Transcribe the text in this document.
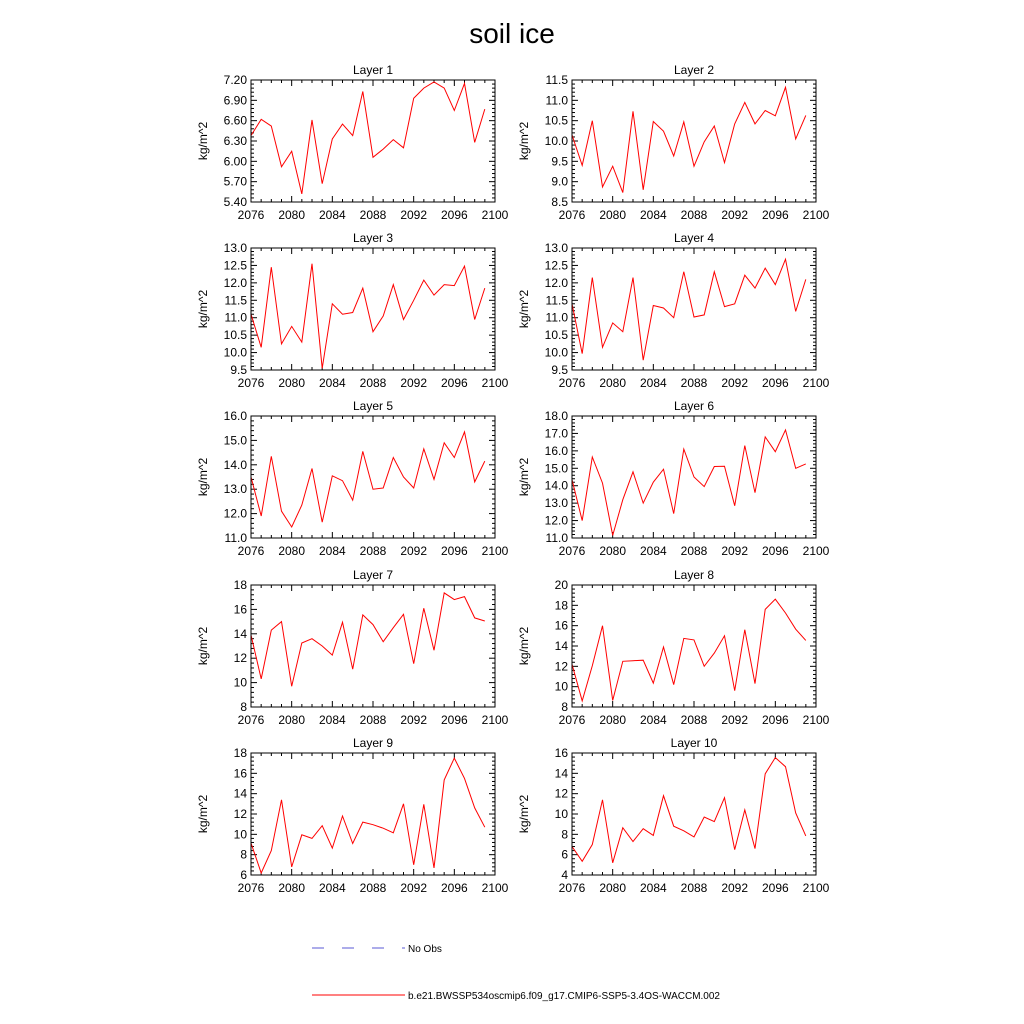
soil ice
Layer 1
kg/m^2
2076 2080 2084 2088 2092 2096 2100
5.40
5.70
6.00
6.30
6.60
6.90
7.20
Layer 2
kg/m^2
2076 2080 2084 2088 2092 2096 2100
8.5
9.0
9.5
10.0
10.5
11.0
11.5
Layer 3
kg/m^2
2076 2080 2084 2088 2092 2096 2100
9.5
10.0
10.5
11.0
11.5
12.0
12.5
13.0
Layer 4
kg/m^2
2076 2080 2084 2088 2092 2096 2100
9.5
10.0
10.5
11.0
11.5
12.0
12.5
13.0
Layer 5
kg/m^2
2076 2080 2084 2088 2092 2096 2100
11.0
12.0
13.0
14.0
15.0
16.0
Layer 6
kg/m^2
2076 2080 2084 2088 2092 2096 2100
11.0
12.0
13.0
14.0
15.0
16.0
17.0
18.0
Layer 7
kg/m^2
2076 2080 2084 2088 2092 2096 2100
8
10
12
14
16
18
Layer 8
kg/m^2
2076 2080 2084 2088 2092 2096 2100
8
10
12
14
16
18
20
Layer 9
kg/m^2
2076 2080 2084 2088 2092 2096 2100
6
8
10
12
14
16
18
Layer 10
kg/m^2
2076 2080 2084 2088 2092 2096 2100
4
6
8
10
12
14
16
No Obs
b.e21.BWSSP534oscmip6.f09_g17.CMIP6-SSP5-3.4OS-WACCM.002
